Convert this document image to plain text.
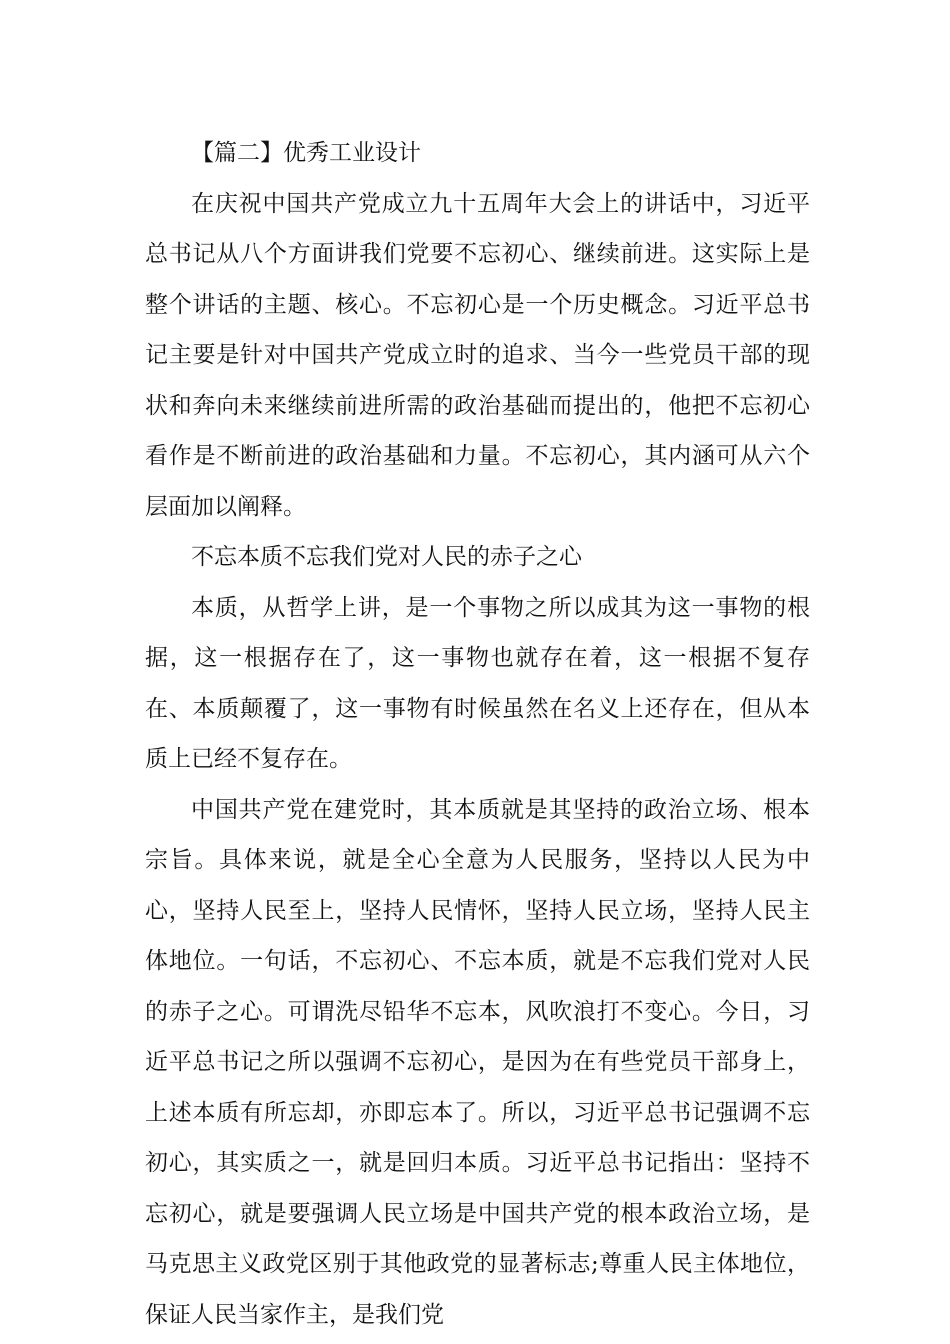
【篇二】优秀工业设计

在庆祝中国共产党成立九十五周年大会上的讲话中，习近平总书记从八个方面讲我们党要不忘初心、继续前进。这实际上是整个讲话的主题、核心。不忘初心是一个历史概念。习近平总书记主要是针对中国共产党成立时的追求、当今一些党员干部的现状和奔向未来继续前进所需的政治基础而提出的，他把不忘初心看作是不断前进的政治基础和力量。不忘初心，其内涵可从六个层面加以阐释。

不忘本质不忘我们党对人民的赤子之心

本质，从哲学上讲，是一个事物之所以成其为这一事物的根据，这一根据存在了，这一事物也就存在着，这一根据不复存在、本质颠覆了，这一事物有时候虽然在名义上还存在，但从本质上已经不复存在。

中国共产党在建党时，其本质就是其坚持的政治立场、根本宗旨。具体来说，就是全心全意为人民服务，坚持以人民为中心，坚持人民至上，坚持人民情怀，坚持人民立场，坚持人民主体地位。一句话，不忘初心、不忘本质，就是不忘我们党对人民的赤子之心。可谓洗尽铅华不忘本，风吹浪打不变心。今日，习近平总书记之所以强调不忘初心，是因为在有些党员干部身上，上述本质有所忘却，亦即忘本了。所以，习近平总书记强调不忘初心，其实质之一，就是回归本质。习近平总书记指出：坚持不忘初心，就是要强调人民立场是中国共产党的根本政治立场，是马克思主义政党区别于其他政党的显著标志;尊重人民主体地位，保证人民当家作主，是我们党
